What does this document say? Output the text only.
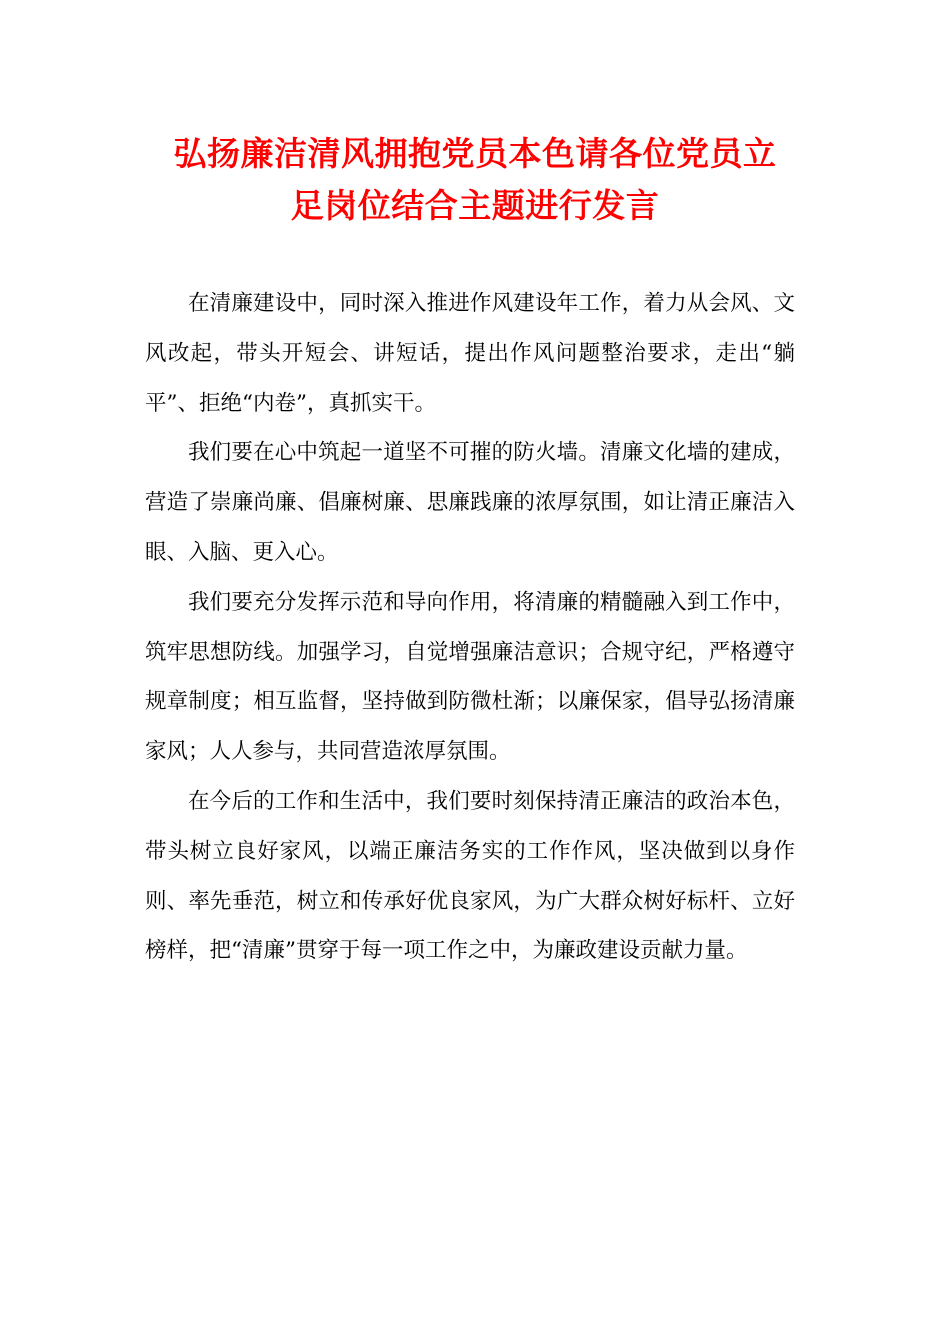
弘扬廉洁清风拥抱党员本色请各位党员立
足岗位结合主题进行发言

在清廉建设中，同时深入推进作风建设年工作，着力从会风、文风改起，带头开短会、讲短话，提出作风问题整治要求，走出“躺平”、拒绝“内卷”，真抓实干。

我们要在心中筑起一道坚不可摧的防火墙。清廉文化墙的建成，营造了崇廉尚廉、倡廉树廉、思廉践廉的浓厚氛围，如让清正廉洁入眼、入脑、更入心。

我们要充分发挥示范和导向作用，将清廉的精髓融入到工作中，筑牢思想防线。加强学习，自觉增强廉洁意识；合规守纪，严格遵守规章制度；相互监督，坚持做到防微杜渐；以廉保家，倡导弘扬清廉家风；人人参与，共同营造浓厚氛围。

在今后的工作和生活中，我们要时刻保持清正廉洁的政治本色，带头树立良好家风，以端正廉洁务实的工作作风，坚决做到以身作则、率先垂范，树立和传承好优良家风，为广大群众树好标杆、立好榜样，把“清廉”贯穿于每一项工作之中，为廉政建设贡献力量。
